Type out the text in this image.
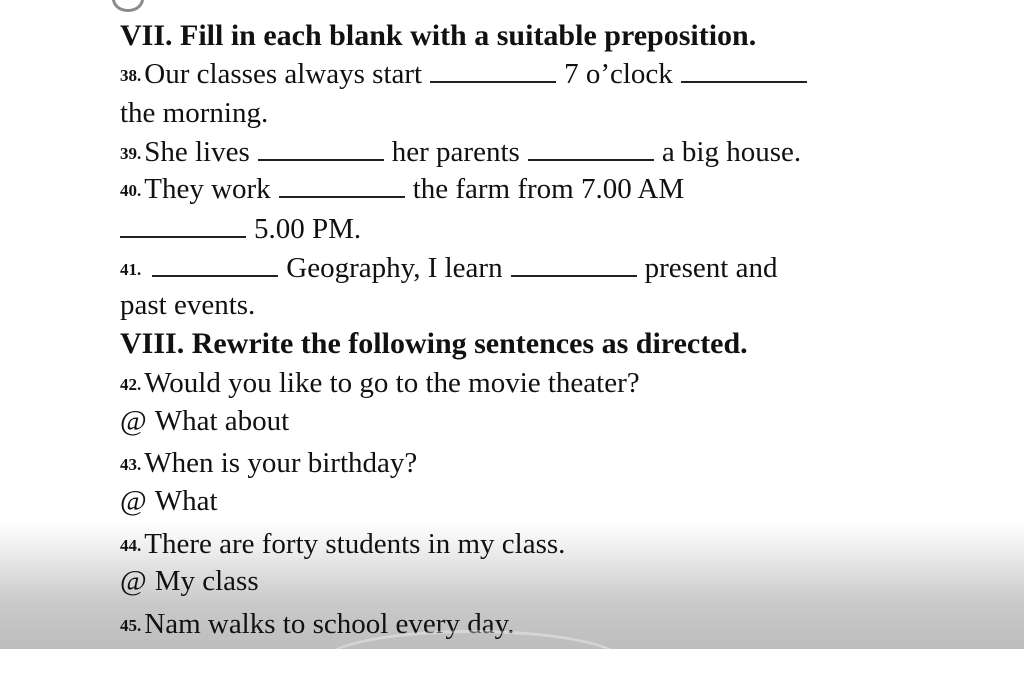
VII. Fill in each blank with a suitable preposition.
38. Our classes always start	7 o’clock
the morning.
39. She lives	her parents	a big house.
40. They work	the farm from 7.00 AM
5.00 PM.
41.	Geography, I learn	present and
past events.
VIII. Rewrite the following sentences as directed.
42. Would you like to go to the movie theater?
@ What about
43. When is your birthday?
@ What
44. There are forty students in my class.
@ My class
45. Nam walks to school every day.
